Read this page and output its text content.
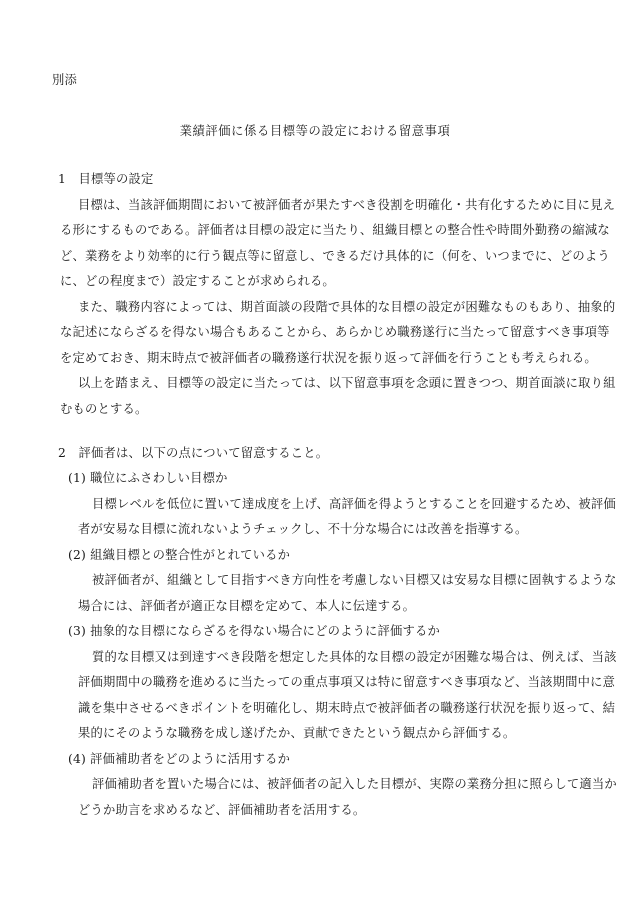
別添
業績評価に係る目標等の設定における留意事項
1　目標等の設定
目標は、当該評価期間において被評価者が果たすべき役割を明確化・共有化するために目に見え
る形にするものである。評価者は目標の設定に当たり、組織目標との整合性や時間外勤務の縮減な
ど、業務をより効率的に行う観点等に留意し、できるだけ具体的に（何を、いつまでに、どのよう
に、どの程度まで）設定することが求められる。
また、職務内容によっては、期首面談の段階で具体的な目標の設定が困難なものもあり、抽象的
な記述にならざるを得ない場合もあることから、あらかじめ職務遂行に当たって留意すべき事項等
を定めておき、期末時点で被評価者の職務遂行状況を振り返って評価を行うことも考えられる。
以上を踏まえ、目標等の設定に当たっては、以下留意事項を念頭に置きつつ、期首面談に取り組
むものとする。
2　評価者は、以下の点について留意すること。
(1) 職位にふさわしい目標か
目標レベルを低位に置いて達成度を上げ、高評価を得ようとすることを回避するため、被評価
者が安易な目標に流れないようチェックし、不十分な場合には改善を指導する。
(2) 組織目標との整合性がとれているか
被評価者が、組織として目指すべき方向性を考慮しない目標又は安易な目標に固執するような
場合には、評価者が適正な目標を定めて、本人に伝達する。
(3) 抽象的な目標にならざるを得ない場合にどのように評価するか
質的な目標又は到達すべき段階を想定した具体的な目標の設定が困難な場合は、例えば、当該
評価期間中の職務を進めるに当たっての重点事項又は特に留意すべき事項など、当該期間中に意
識を集中させるべきポイントを明確化し、期末時点で被評価者の職務遂行状況を振り返って、結
果的にそのような職務を成し遂げたか、貢献できたという観点から評価する。
(4) 評価補助者をどのように活用するか
評価補助者を置いた場合には、被評価者の記入した目標が、実際の業務分担に照らして適当か
どうか助言を求めるなど、評価補助者を活用する。
